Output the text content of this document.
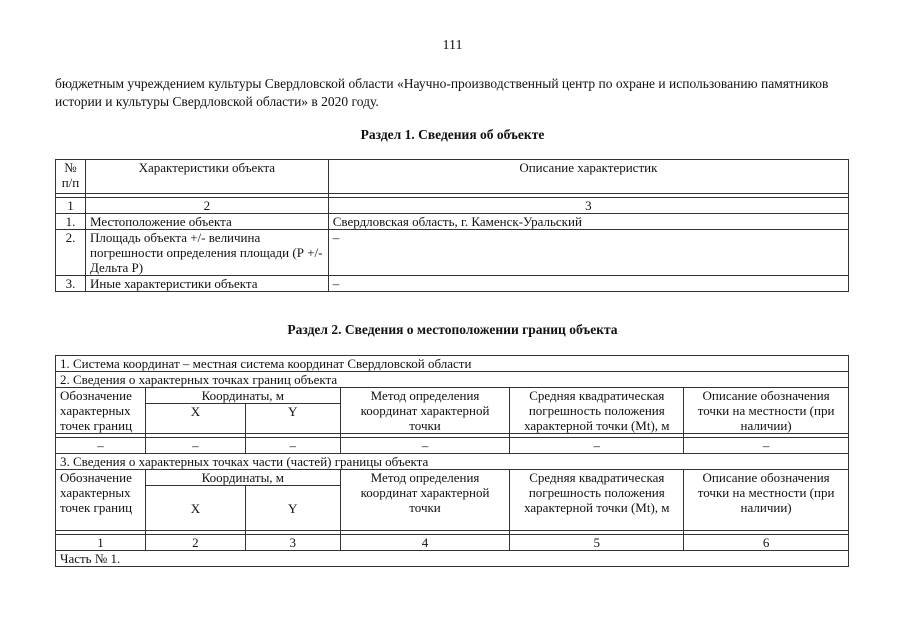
111
бюджетным учреждением культуры Свердловской области «Научно-производственный центр по охране и использованию памятников истории и культуры Свердловской области» в 2020 году.
Раздел 1. Сведения об объекте
№ п/п	Характеристики объекта	Описание характеристик

1	2	3
1.	Местоположение объекта	Свердловская область, г. Каменск-Уральский
2.	Площадь объекта +/- величина погрешности определения площади (Р +/- Дельта Р)	–
3.	Иные характеристики объекта	–
Раздел 2. Сведения о местоположении границ объекта
1. Система координат – местная система координат Свердловской области					
2. Сведения о характерных точках границ объекта					
Обозначение характерных точек границ	Координаты, м		Метод определения координат характерной точки	Средняя квадратическая погрешность положения характерной точки (Mt), м	Описание обозначения точки на местности (при наличии)
	X	Y			

–	–	–	–	–	–
3. Сведения о характерных точках части (частей) границы объекта					
Обозначение характерных точек границ	Координаты, м		Метод определения координат характерной точки	Средняя квадратическая погрешность положения характерной точки (Mt), м	Описание обозначения точки на местности (при наличии)
	X	Y			

1	2	3	4	5	6
Часть № 1.					
